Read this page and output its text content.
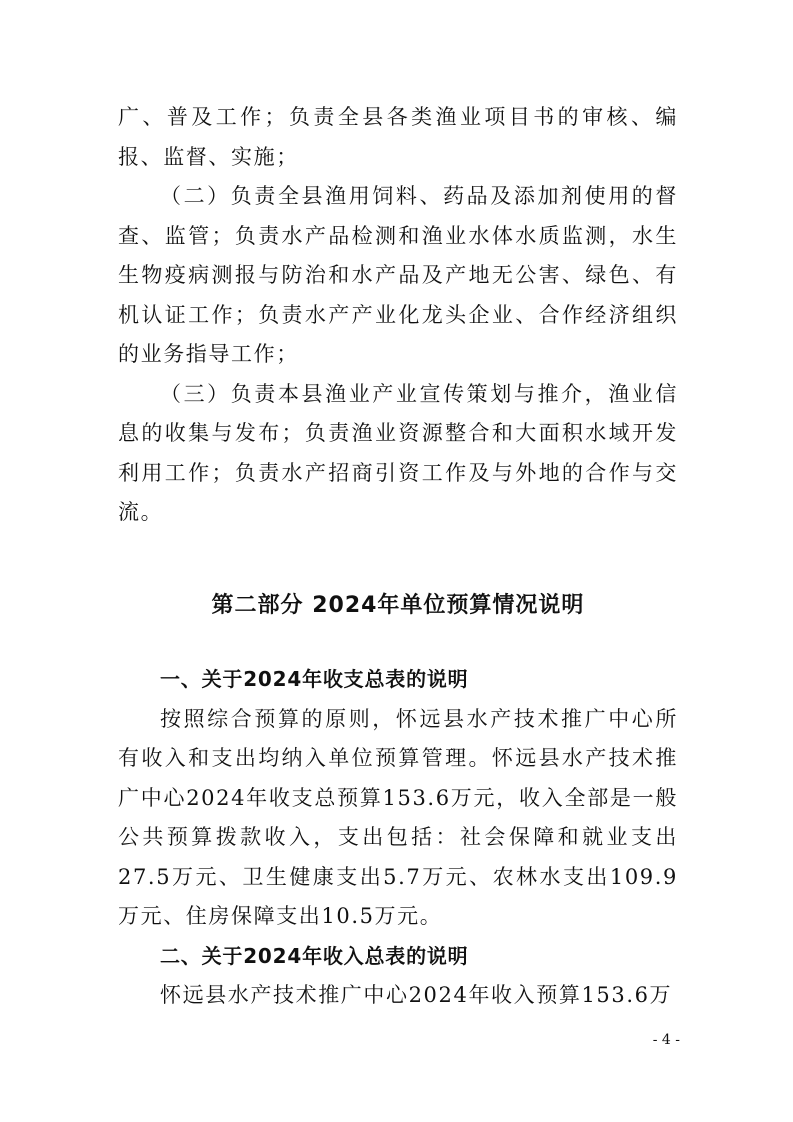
广、普及工作；负责全县各类渔业项目书的审核、编报、监督、实施；

（二）负责全县渔用饲料、药品及添加剂使用的督查、监管；负责水产品检测和渔业水体水质监测，水生生物疫病测报与防治和水产品及产地无公害、绿色、有机认证工作；负责水产产业化龙头企业、合作经济组织的业务指导工作；

（三）负责本县渔业产业宣传策划与推介，渔业信息的收集与发布；负责渔业资源整合和大面积水域开发利用工作；负责水产招商引资工作及与外地的合作与交流。

第二部分 2024年单位预算情况说明

一、关于2024年收支总表的说明

按照综合预算的原则，怀远县水产技术推广中心所有收入和支出均纳入单位预算管理。怀远县水产技术推广中心2024年收支总预算153.6万元，收入全部是一般公共预算拨款收入，支出包括：社会保障和就业支出27.5万元、卫生健康支出5.7万元、农林水支出109.9万元、住房保障支出10.5万元。

二、关于2024年收入总表的说明

怀远县水产技术推广中心2024年收入预算153.6万

- 4 -
